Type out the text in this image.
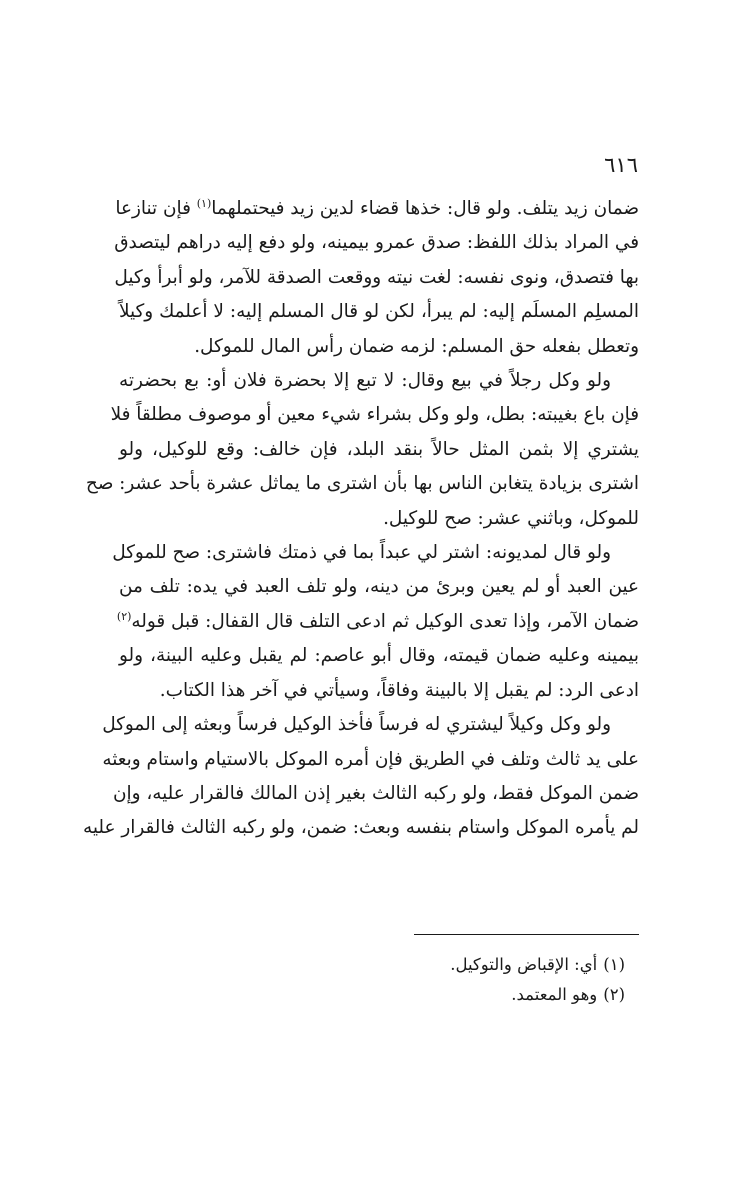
٦١٦
ضمان زيد يتلف. ولو قال: خذها قضاء لدين زيد فيحتملهما$^{(١)}$ فإن تنازعا
في المراد بذلك اللفظ: صدق عمرو بيمينه، ولو دفع إليه دراهم ليتصدق
بها فتصدق، ونوى نفسه: لغت نيته ووقعت الصدقة للآمر، ولو أبرأ وكيل
المسلِم المسلَم إليه: لم يبرأ، لكن لو قال المسلم إليه: لا أعلمك وكيلاً
وتعطل بفعله حق المسلم: لزمه ضمان رأس المال للموكل.
ولو وكل رجلاً في بيع وقال: لا تبع إلا بحضرة فلان أو: بع بحضرته
فإن باع بغيبته: بطل، ولو وكل بشراء شيء معين أو موصوف مطلقاً فلا
يشتري إلا بثمن المثل حالاً بنقد البلد، فإن خالف: وقع للوكيل، ولو
اشترى بزيادة يتغابن الناس بها بأن اشترى ما يماثل عشرة بأحد عشر: صح
للموكل، وباثني عشر: صح للوكيل.
ولو قال لمديونه: اشتر لي عبداً بما في ذمتك فاشترى: صح للموكل
عين العبد أو لم يعين وبرئ من دينه، ولو تلف العبد في يده: تلف من
ضمان الآمر، وإذا تعدى الوكيل ثم ادعى التلف قال القفال: قبل قوله$^{(٢)}$
بيمينه وعليه ضمان قيمته، وقال أبو عاصم: لم يقبل وعليه البينة، ولو
ادعى الرد: لم يقبل إلا بالبينة وفاقاً، وسيأتي في آخر هذا الكتاب.
ولو وكل وكيلاً ليشتري له فرساً فأخذ الوكيل فرساً وبعثه إلى الموكل
على يد ثالث وتلف في الطريق فإن أمره الموكل بالاستيام واستام وبعثه
ضمن الموكل فقط، ولو ركبه الثالث بغير إذن المالك فالقرار عليه، وإن
لم يأمره الموكل واستام بنفسه وبعث: ضمن، ولو ركبه الثالث فالقرار عليه
(١)أي: الإقباض والتوكيل.
(٢)وهو المعتمد.
